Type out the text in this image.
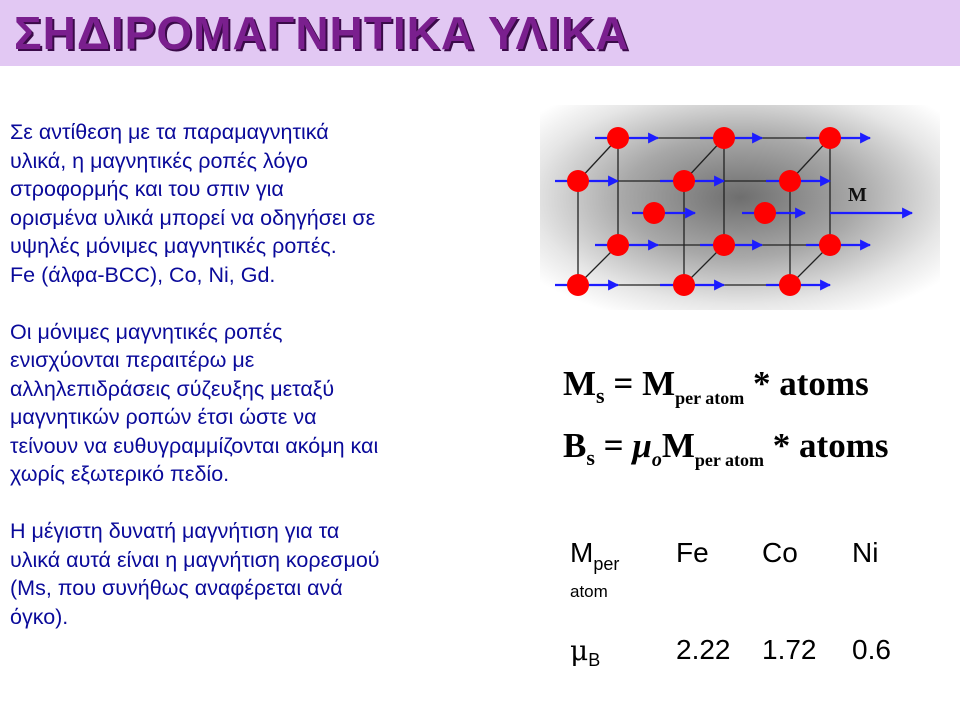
ΣΗΔΙΡΟΜΑΓΝΗΤΙΚΑ ΥΛΙΚΑ
Σε αντίθεση με τα παραμαγνητικά
υλικά, η μαγνητικές ροπές λόγο
στροφορμής και του σπιν για
ορισμένα υλικά μπορεί να οδηγήσει σε
υψηλές μόνιμες μαγνητικές ροπές.
Fe (άλφα-BCC), Co, Ni, Gd.
Οι μόνιμες μαγνητικές ροπές
ενισχύονται περαιτέρω με
αλληλεπιδράσεις σύζευξης μεταξύ
μαγνητικών ροπών έτσι ώστε να
τείνουν να ευθυγραμμίζονται ακόμη και
χωρίς εξωτερικό πεδίο.
Η μέγιστη δυνατή μαγνήτιση για τα
υλικά αυτά είναι η μαγνήτιση κορεσμού
(Ms, που συνήθως αναφέρεται ανά
όγκο).
M
$M_s = M_{per atom}$ * atoms
$B_s = \mu_oM_{per atom}$ * atoms
$M_{per}$
atom
Fe Co Ni
$\mu_B$	2.22 1.72 0.6
